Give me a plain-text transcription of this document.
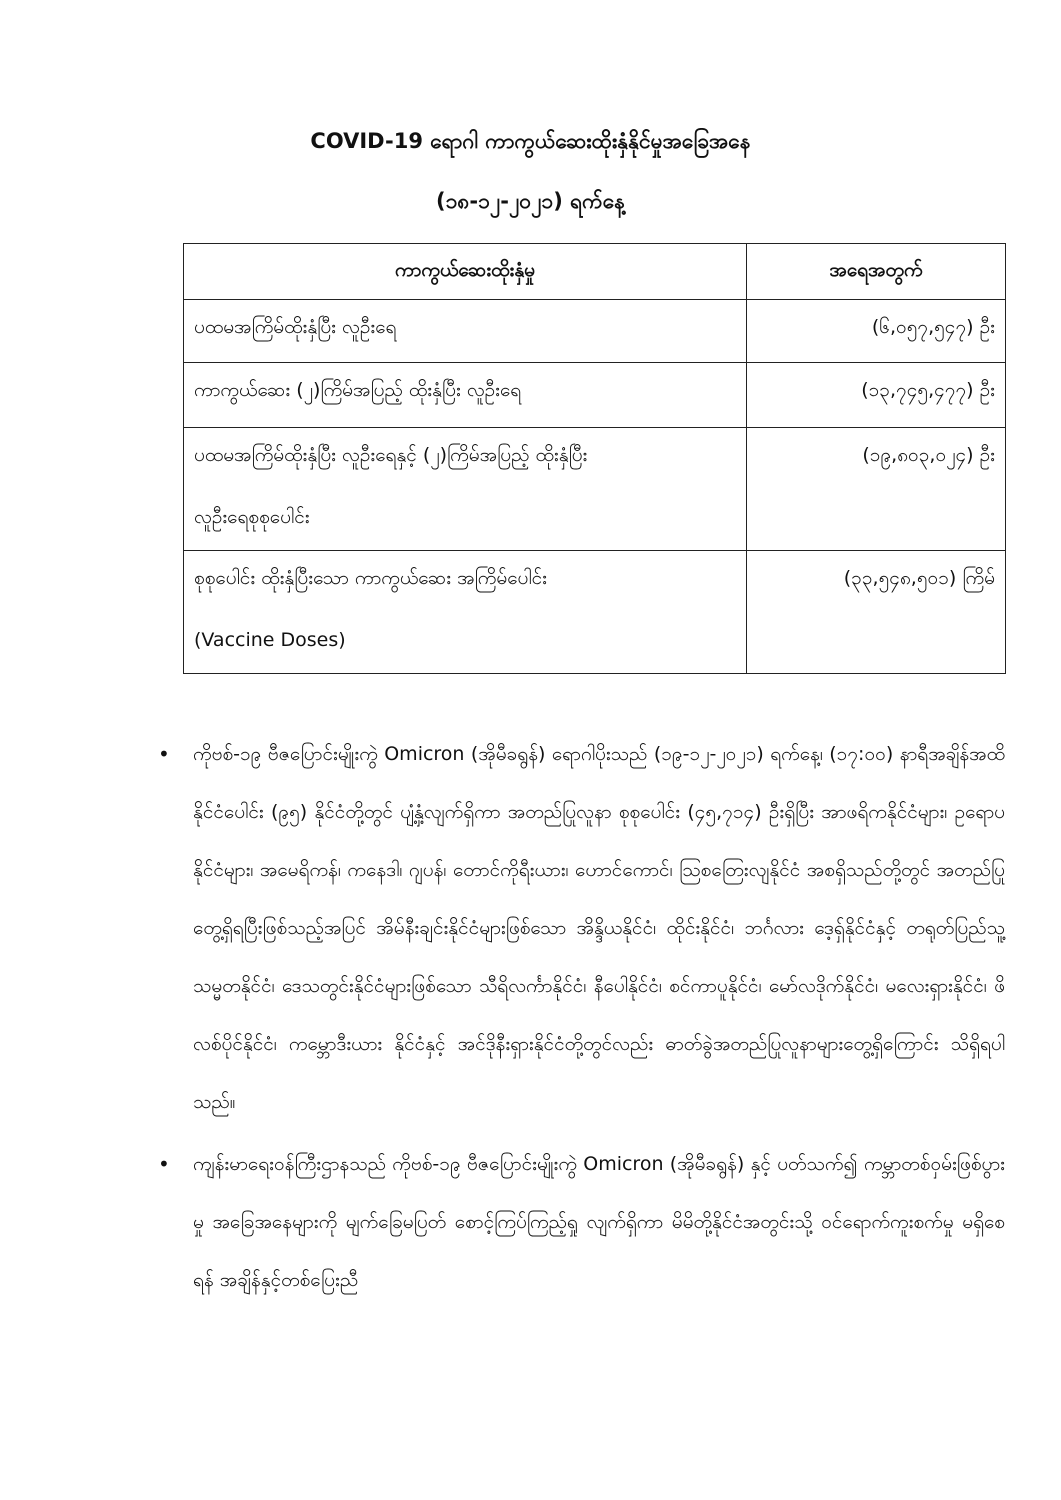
COVID-19 ရောဂါ ကာကွယ်ဆေးထိုးနှံနိုင်မှုအခြေအနေ
(၁၈-၁၂-၂၀၂၁) ရက်နေ့
ကာကွယ်ဆေးထိုးနှံမှု	အရေအတွက်

ပထမအကြိမ်ထိုးနှံပြီး လူဦးရေ	(၆,၀၅၇,၅၄၇) ဦး

ကာကွယ်ဆေး (၂)ကြိမ်အပြည့် ထိုးနှံပြီး လူဦးရေ	(၁၃,၇၄၅,၄၇၇) ဦး

ပထမအကြိမ်ထိုးနှံပြီး လူဦးရေနှင့် (၂)ကြိမ်အပြည့် ထိုးနှံပြီး
လူဦးရေစုစုပေါင်း	(၁၉,၈၀၃,၀၂၄) ဦး

စုစုပေါင်း ထိုးနှံပြီးသော ကာကွယ်ဆေး အကြိမ်ပေါင်း
(Vaccine Doses)	(၃၃,၅၄၈,၅၀၁) ကြိမ်
• ကိုဗစ်-၁၉ ဗီဇပြောင်းမျိုးကွဲ Omicron (အိုမီခရွန်) ရောဂါပိုးသည် (၁၉-၁၂-၂၀၂၁) ရက်နေ့၊ (၁၇:၀၀) နာရီအချိန်အထိ နိုင်ငံပေါင်း (၉၅) နိုင်ငံတို့တွင် ပျံ့နှံ့လျက်ရှိကာ အတည်ပြုလူနာ စုစုပေါင်း (၄၅,၇၁၄) ဦးရှိပြီး အာဖရိကနိုင်ငံများ၊ ဥရောပနိုင်ငံများ၊ အမေရိကန်၊ ကနေဒါ၊ ဂျပန်၊ တောင်ကိုရီးယား၊ ဟောင်ကောင်၊ သြစတြေးလျနိုင်ငံ အစရှိသည်တို့တွင် အတည်ပြု တွေ့ရှိရပြီးဖြစ်သည့်အပြင် အိမ်နီးချင်းနိုင်ငံများဖြစ်သော အိန္ဒိယနိုင်ငံ၊ ထိုင်းနိုင်ငံ၊ ဘင်္ဂလား ဒေ့ရှ်နိုင်ငံနှင့် တရုတ်ပြည်သူ့သမ္မတနိုင်ငံ၊ ဒေသတွင်းနိုင်ငံများဖြစ်သော သီရိလင်္ကာနိုင်ငံ၊ နီပေါနိုင်ငံ၊ စင်ကာပူနိုင်ငံ၊ မော်လဒိုက်နိုင်ငံ၊ မလေးရှားနိုင်ငံ၊ ဖိလစ်ပိုင်နိုင်ငံ၊ ကမ္ဘောဒီးယား နိုင်ငံနှင့် အင်ဒိုနီးရှားနိုင်ငံတို့တွင်လည်း ဓာတ်ခွဲအတည်ပြုလူနာများတွေ့ရှိကြောင်း သိရှိရပါ သည်။
• ကျန်းမာရေးဝန်ကြီးဌာနသည် ကိုဗစ်-၁၉ ဗီဇပြောင်းမျိုးကွဲ Omicron (အိုမီခရွန်) နှင့် ပတ်သက်၍ ကမ္ဘာတစ်ဝှမ်းဖြစ်ပွားမှု အခြေအနေများကို မျက်ခြေမပြတ် စောင့်ကြပ်ကြည့်ရှု လျက်ရှိကာ မိမိတို့နိုင်ငံအတွင်းသို့ ဝင်ရောက်ကူးစက်မှု မရှိစေရန် အချိန်နှင့်တစ်ပြေးညီ
